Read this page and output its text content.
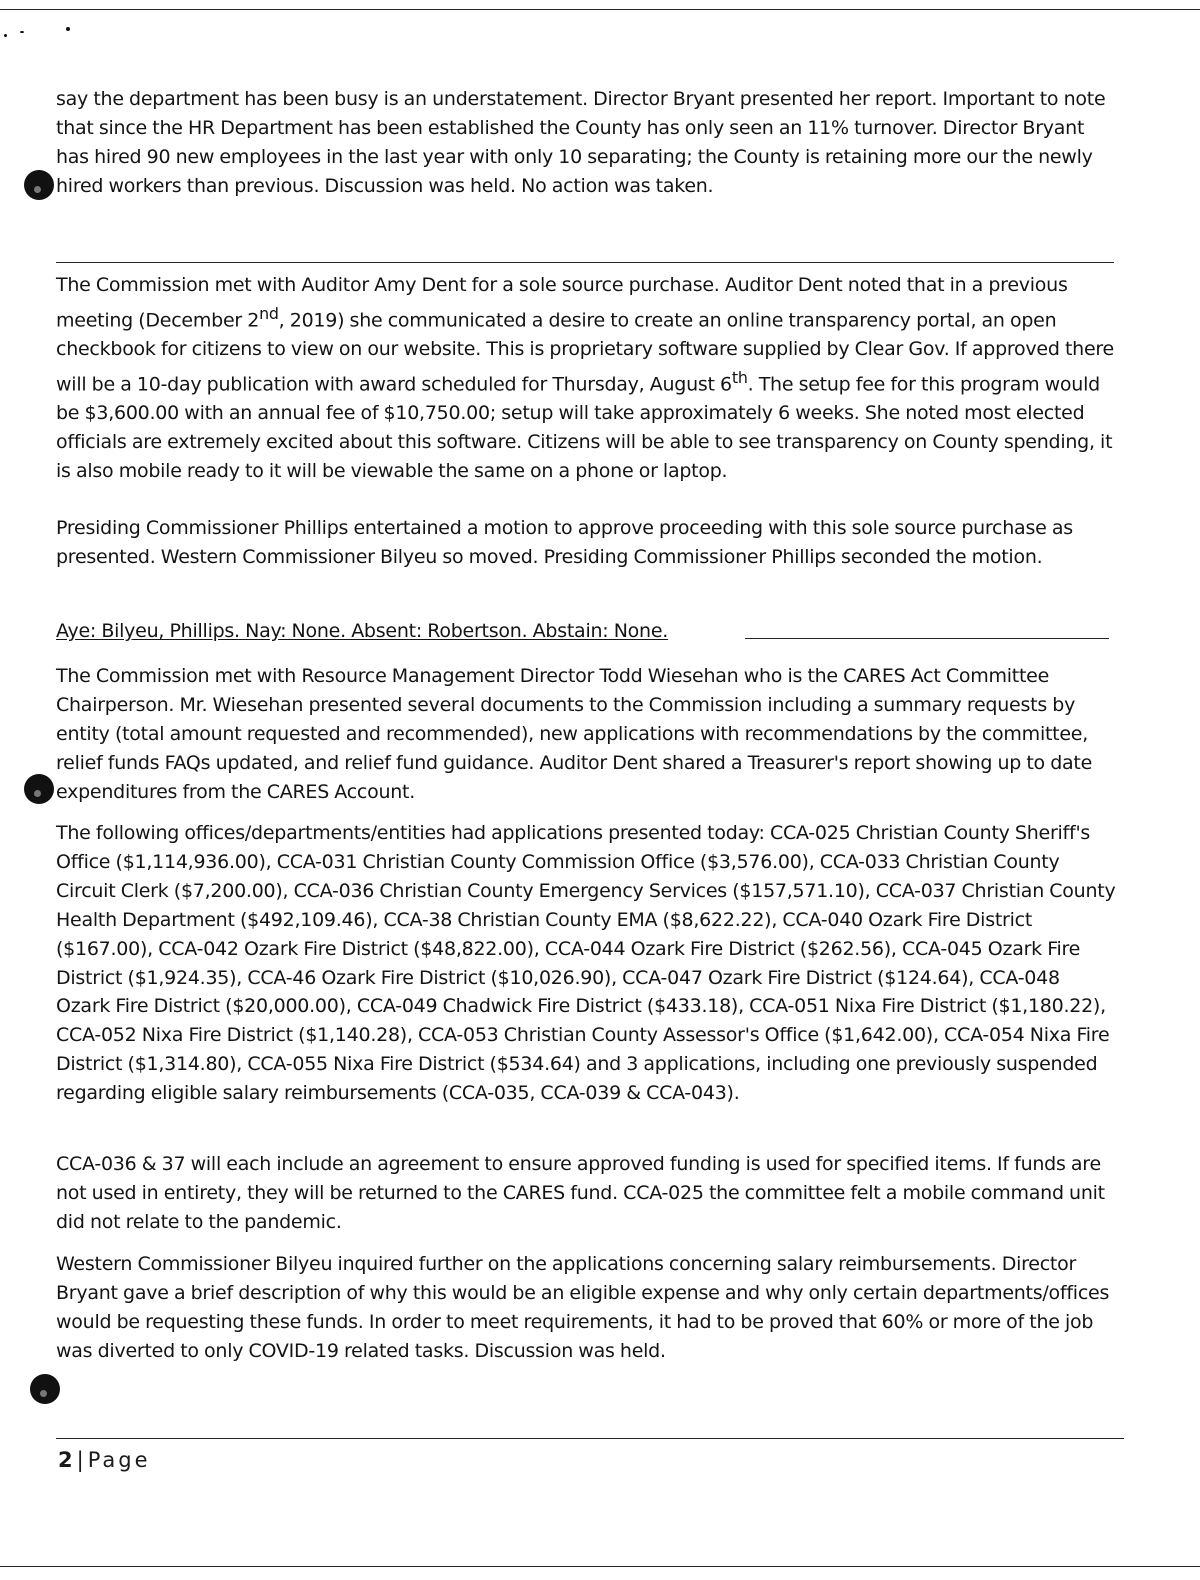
say the department has been busy is an understatement. Director Bryant presented her report. Important to note that since the HR Department has been established the County has only seen an 11% turnover. Director Bryant has hired 90 new employees in the last year with only 10 separating; the County is retaining more our the newly hired workers than previous. Discussion was held. No action was taken.

The Commission met with Auditor Amy Dent for a sole source purchase. Auditor Dent noted that in a previous meeting (December 2nd, 2019) she communicated a desire to create an online transparency portal, an open checkbook for citizens to view on our website. This is proprietary software supplied by Clear Gov. If approved there will be a 10-day publication with award scheduled for Thursday, August 6th. The setup fee for this program would be $3,600.00 with an annual fee of $10,750.00; setup will take approximately 6 weeks. She noted most elected officials are extremely excited about this software. Citizens will be able to see transparency on County spending, it is also mobile ready to it will be viewable the same on a phone or laptop.

Presiding Commissioner Phillips entertained a motion to approve proceeding with this sole source purchase as presented. Western Commissioner Bilyeu so moved. Presiding Commissioner Phillips seconded the motion.

Aye: Bilyeu, Phillips. Nay: None. Absent: Robertson. Abstain: None.

The Commission met with Resource Management Director Todd Wiesehan who is the CARES Act Committee Chairperson. Mr. Wiesehan presented several documents to the Commission including a summary requests by entity (total amount requested and recommended), new applications with recommendations by the committee, relief funds FAQs updated, and relief fund guidance. Auditor Dent shared a Treasurer's report showing up to date expenditures from the CARES Account.

The following offices/departments/entities had applications presented today: CCA-025 Christian County Sheriff's Office ($1,114,936.00), CCA-031 Christian County Commission Office ($3,576.00), CCA-033 Christian County Circuit Clerk ($7,200.00), CCA-036 Christian County Emergency Services ($157,571.10), CCA-037 Christian County Health Department ($492,109.46), CCA-38 Christian County EMA ($8,622.22), CCA-040 Ozark Fire District ($167.00), CCA-042 Ozark Fire District ($48,822.00), CCA-044 Ozark Fire District ($262.56), CCA-045 Ozark Fire District ($1,924.35), CCA-46 Ozark Fire District ($10,026.90), CCA-047 Ozark Fire District ($124.64), CCA-048 Ozark Fire District ($20,000.00), CCA-049 Chadwick Fire District ($433.18), CCA-051 Nixa Fire District ($1,180.22), CCA-052 Nixa Fire District ($1,140.28), CCA-053 Christian County Assessor's Office ($1,642.00), CCA-054 Nixa Fire District ($1,314.80), CCA-055 Nixa Fire District ($534.64) and 3 applications, including one previously suspended regarding eligible salary reimbursements (CCA-035, CCA-039 & CCA-043).

CCA-036 & 37 will each include an agreement to ensure approved funding is used for specified items. If funds are not used in entirety, they will be returned to the CARES fund. CCA-025 the committee felt a mobile command unit did not relate to the pandemic.

Western Commissioner Bilyeu inquired further on the applications concerning salary reimbursements. Director Bryant gave a brief description of why this would be an eligible expense and why only certain departments/offices would be requesting these funds. In order to meet requirements, it had to be proved that 60% or more of the job was diverted to only COVID-19 related tasks. Discussion was held.

2 | Page
